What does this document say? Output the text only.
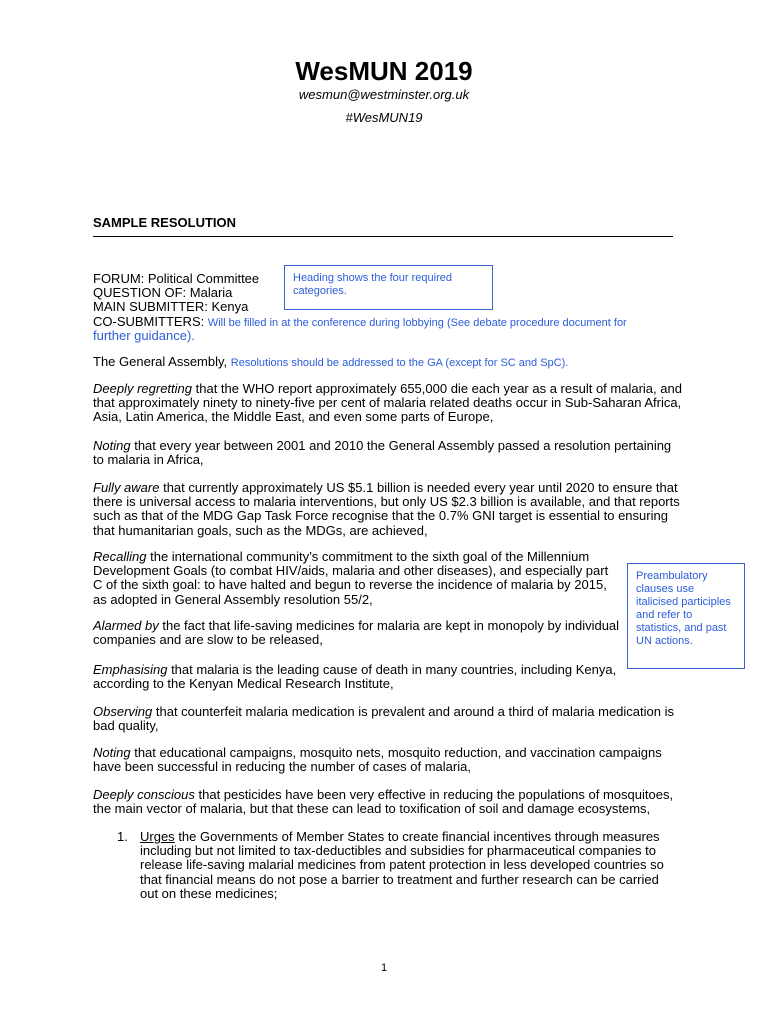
WesMUN 2019
wesmun@westminster.org.uk
#WesMUN19
SAMPLE RESOLUTION
FORUM: Political Committee
QUESTION OF: Malaria
MAIN SUBMITTER: Kenya
CO-SUBMITTERS: Will be filled in at the conference during lobbying (See debate procedure document for
further guidance).
Heading shows the four required categories.
The General Assembly, Resolutions should be addressed to the GA (except for SC and SpC).
Deeply regretting that the WHO report approximately 655,000 die each year as a result of malaria, and that approximately ninety to ninety-five per cent of malaria related deaths occur in Sub-Saharan Africa, Asia, Latin America, the Middle East, and even some parts of Europe,
Noting that every year between 2001 and 2010 the General Assembly passed a resolution pertaining to malaria in Africa,
Fully aware that currently approximately US $5.1 billion is needed every year until 2020 to ensure that there is universal access to malaria interventions, but only US $2.3 billion is available, and that reports such as that of the MDG Gap Task Force recognise that the 0.7% GNI target is essential to ensuring that humanitarian goals, such as the MDGs, are achieved,
Recalling the international community’s commitment to the sixth goal of the Millennium Development Goals (to combat HIV/aids, malaria and other diseases), and especially part C of the sixth goal: to have halted and begun to reverse the incidence of malaria by 2015, as adopted in General Assembly resolution 55/2,
Alarmed by the fact that life-saving medicines for malaria are kept in monopoly by individual companies and are slow to be released,
Emphasising that malaria is the leading cause of death in many countries, including Kenya, according to the Kenyan Medical Research Institute,
Observing that counterfeit malaria medication is prevalent and around a third of malaria medication is bad quality,
Noting that educational campaigns, mosquito nets, mosquito reduction, and vaccination campaigns have been successful in reducing the number of cases of malaria,
Deeply conscious that pesticides have been very effective in reducing the populations of mosquitoes, the main vector of malaria, but that these can lead to toxification of soil and damage ecosystems,
Preambulatory clauses use italicised participles and refer to statistics, and past UN actions.
1. Urges the Governments of Member States to create financial incentives through measures including but not limited to tax-deductibles and subsidies for pharmaceutical companies to release life-saving malarial medicines from patent protection in less developed countries so that financial means do not pose a barrier to treatment and further research can be carried out on these medicines;
1
